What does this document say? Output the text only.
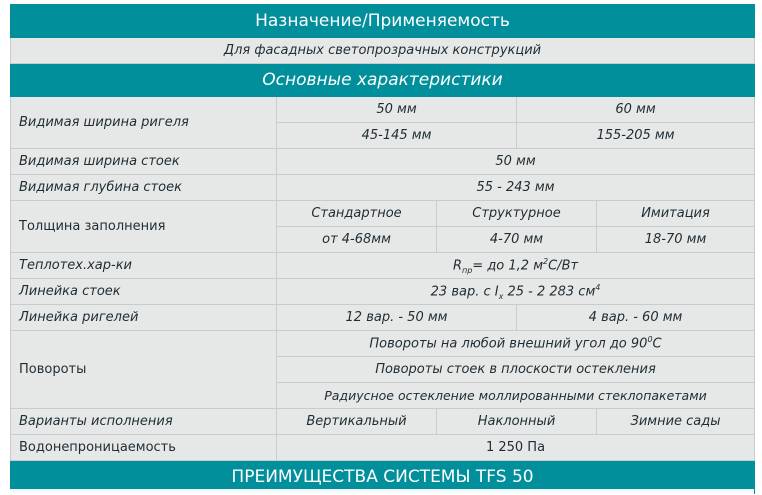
Назначение/Применяемость				
Для фасадных светопрозрачных конструкций				
Основные характеристики				
Видимая ширина ригеля	50 мм		60 мм	
	45-145 мм		155-205 мм	
Видимая ширина стоек	50 мм			
Видимая глубина стоек	55 - 243 мм			
Толщина заполнения	Стандартное	Структурное		Имитация
	от 4-68мм	4-70 мм		18-70 мм
Теплотех.хар-ки	$R_{пр}=$ до 1,2 $м^2С/Вт$			
Линейка стоек	23 вар. с $I_x$ 25 - 2 283 $см^4$
Линейка ригелей	12 вар. - 50 мм		4 вар. - 60 мм	
Повороты	Повороты на любой внешний угол до $90^0С$			
	Повороты стоек в плоскости остекления			
	Радиусное остекление моллированными стеклопакетами			
Варианты исполнения	Вертикальный	Наклонный		Зимние сады
Водонепроницаемость	1 250 Па			
ПРЕИМУЩЕСТВА СИСТЕМЫ TFS 50				
